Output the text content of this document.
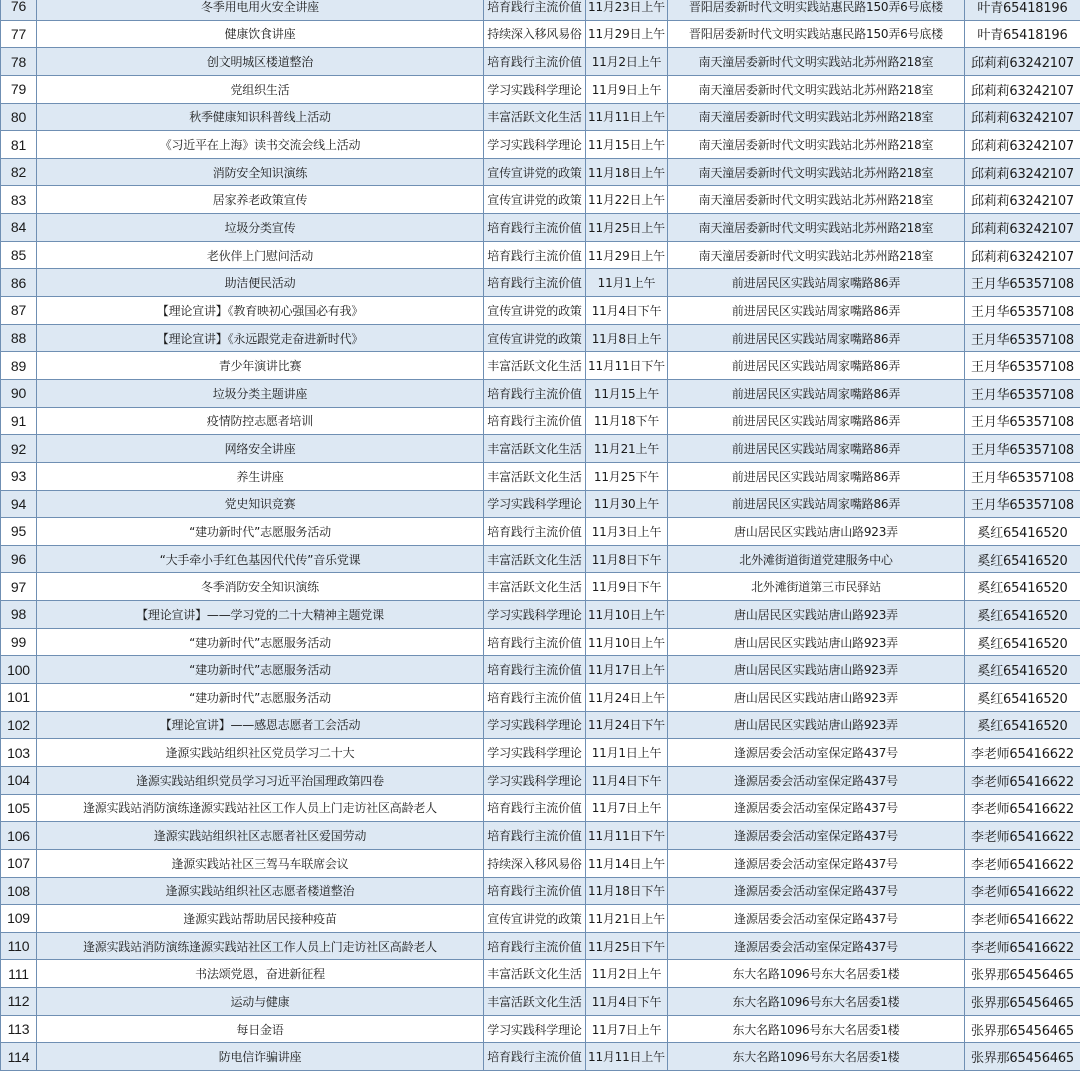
76	冬季用电用火安全讲座	培育践行主流价值	11月23日上午	晋阳居委新时代文明实践站惠民路150弄6号底楼	叶青65418196
77	健康饮食讲座	持续深入移风易俗	11月29日上午	晋阳居委新时代文明实践站惠民路150弄6号底楼	叶青65418196
78	创文明城区楼道整治	培育践行主流价值	11月2日上午	南天潼居委新时代文明实践站北苏州路218室	邱莉莉63242107
79	党组织生活	学习实践科学理论	11月9日上午	南天潼居委新时代文明实践站北苏州路218室	邱莉莉63242107
80	秋季健康知识科普线上活动	丰富活跃文化生活	11月11日上午	南天潼居委新时代文明实践站北苏州路218室	邱莉莉63242107
81	《习近平在上海》读书交流会线上活动	学习实践科学理论	11月15日上午	南天潼居委新时代文明实践站北苏州路218室	邱莉莉63242107
82	消防安全知识演练	宣传宣讲党的政策	11月18日上午	南天潼居委新时代文明实践站北苏州路218室	邱莉莉63242107
83	居家养老政策宣传	宣传宣讲党的政策	11月22日上午	南天潼居委新时代文明实践站北苏州路218室	邱莉莉63242107
84	垃圾分类宣传	培育践行主流价值	11月25日上午	南天潼居委新时代文明实践站北苏州路218室	邱莉莉63242107
85	老伙伴上门慰问活动	培育践行主流价值	11月29日上午	南天潼居委新时代文明实践站北苏州路218室	邱莉莉63242107
86	助洁便民活动	培育践行主流价值	11月1上午	前进居民区实践站周家嘴路86弄	王月华65357108
87	【理论宣讲】《教育映初心强国必有我》	宣传宣讲党的政策	11月4日下午	前进居民区实践站周家嘴路86弄	王月华65357108
88	【理论宣讲】《永远跟党走奋进新时代》	宣传宣讲党的政策	11月8日上午	前进居民区实践站周家嘴路86弄	王月华65357108
89	青少年演讲比赛	丰富活跃文化生活	11月11日下午	前进居民区实践站周家嘴路86弄	王月华65357108
90	垃圾分类主题讲座	培育践行主流价值	11月15上午	前进居民区实践站周家嘴路86弄	王月华65357108
91	疫情防控志愿者培训	培育践行主流价值	11月18下午	前进居民区实践站周家嘴路86弄	王月华65357108
92	网络安全讲座	丰富活跃文化生活	11月21上午	前进居民区实践站周家嘴路86弄	王月华65357108
93	养生讲座	丰富活跃文化生活	11月25下午	前进居民区实践站周家嘴路86弄	王月华65357108
94	党史知识竞赛	学习实践科学理论	11月30上午	前进居民区实践站周家嘴路86弄	王月华65357108
95	“建功新时代”志愿服务活动	培育践行主流价值	11月3日上午	唐山居民区实践站唐山路923弄	奚红65416520
96	“大手牵小手红色基因代代传”音乐党课	丰富活跃文化生活	11月8日下午	北外滩街道街道党建服务中心	奚红65416520
97	冬季消防安全知识演练	丰富活跃文化生活	11月9日下午	北外滩街道第三市民驿站	奚红65416520
98	【理论宣讲】——学习党的二十大精神主题党课	学习实践科学理论	11月10日上午	唐山居民区实践站唐山路923弄	奚红65416520
99	“建功新时代”志愿服务活动	培育践行主流价值	11月10日上午	唐山居民区实践站唐山路923弄	奚红65416520
100	“建功新时代”志愿服务活动	培育践行主流价值	11月17日上午	唐山居民区实践站唐山路923弄	奚红65416520
101	“建功新时代”志愿服务活动	培育践行主流价值	11月24日上午	唐山居民区实践站唐山路923弄	奚红65416520
102	【理论宣讲】——感恩志愿者工会活动	学习实践科学理论	11月24日下午	唐山居民区实践站唐山路923弄	奚红65416520
103	逢源实践站组织社区党员学习二十大	学习实践科学理论	11月1日上午	逢源居委会活动室保定路437号	李老师65416622
104	逢源实践站组织党员学习习近平治国理政第四卷	学习实践科学理论	11月4日下午	逢源居委会活动室保定路437号	李老师65416622
105	逢源实践站消防演练逢源实践站社区工作人员上门走访社区高龄老人	培育践行主流价值	11月7日上午	逢源居委会活动室保定路437号	李老师65416622
106	逢源实践站组织社区志愿者社区爱国劳动	培育践行主流价值	11月11日下午	逢源居委会活动室保定路437号	李老师65416622
107	逢源实践站社区三驾马车联席会议	持续深入移风易俗	11月14日上午	逢源居委会活动室保定路437号	李老师65416622
108	逢源实践站组织社区志愿者楼道整治	培育践行主流价值	11月18日下午	逢源居委会活动室保定路437号	李老师65416622
109	逢源实践站帮助居民接种疫苗	宣传宣讲党的政策	11月21日上午	逢源居委会活动室保定路437号	李老师65416622
110	逢源实践站消防演练逢源实践站社区工作人员上门走访社区高龄老人	培育践行主流价值	11月25日下午	逢源居委会活动室保定路437号	李老师65416622
111	书法颂党恩，奋进新征程	丰富活跃文化生活	11月2日上午	东大名路1096号东大名居委1楼	张界那65456465
112	运动与健康	丰富活跃文化生活	11月4日下午	东大名路1096号东大名居委1楼	张界那65456465
113	每日金语	学习实践科学理论	11月7日上午	东大名路1096号东大名居委1楼	张界那65456465
114	防电信诈骗讲座	培育践行主流价值	11月11日上午	东大名路1096号东大名居委1楼	张界那65456465
